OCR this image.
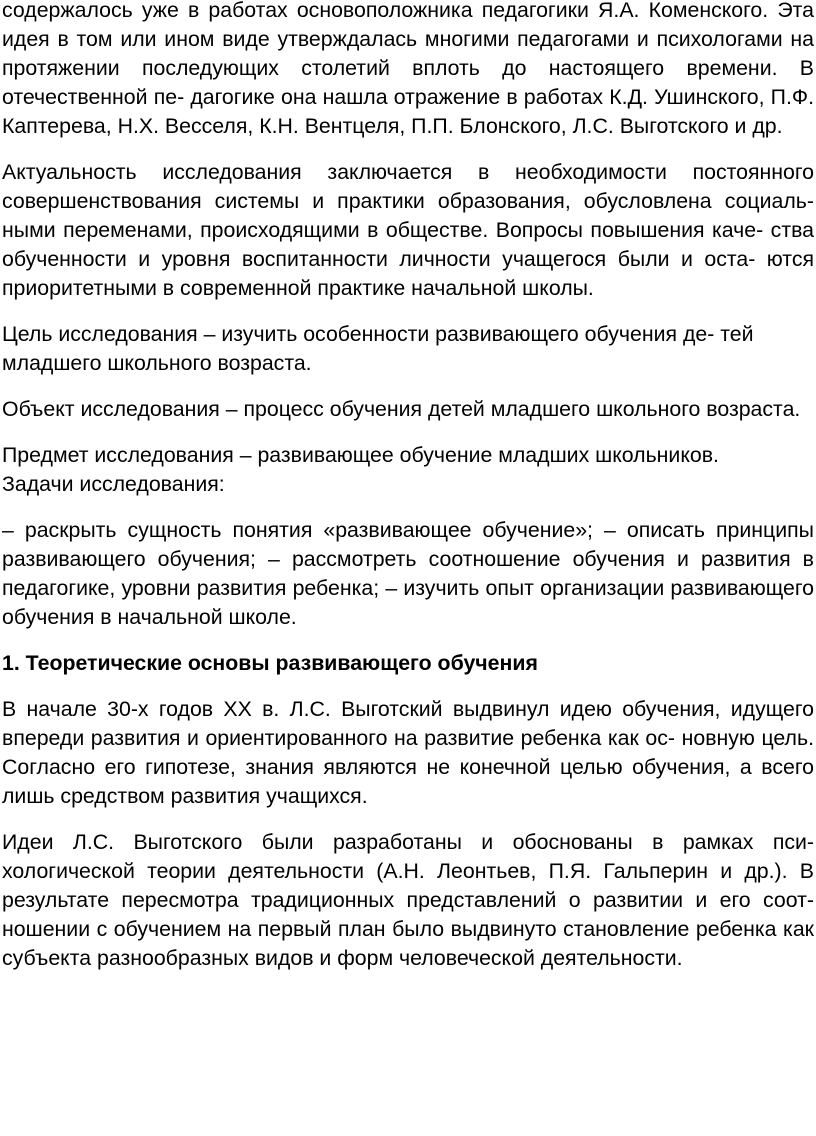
содержалось уже в работах основоположника педагогики Я.А. Коменского. Эта идея в том или ином виде утверждалась многими педагогами и психологами на протяжении последующих столетий вплоть до настоящего времени. В отечественной пе- дагогике она нашла отражение в работах К.Д. Ушинского, П.Ф. Каптерева, Н.Х. Весселя, К.Н. Вентцеля, П.П. Блонского, Л.С. Выготского и др.

Актуальность исследования заключается в необходимости постоянного совершенствования системы и практики образования, обусловлена социаль- ными переменами, происходящими в обществе. Вопросы повышения каче- ства обученности и уровня воспитанности личности учащегося были и оста- ются приоритетными в современной практике начальной школы.

Цель исследования – изучить особенности развивающего обучения де- тей младшего школьного возраста.

Объект исследования – процесс обучения детей младшего школьного возраста.

Предмет исследования – развивающее обучение младших школьников.
Задачи исследования:

– раскрыть сущность понятия «развивающее обучение»; – описать принципы развивающего обучения; – рассмотреть соотношение обучения и развития в педагогике, уровни развития ребенка; – изучить опыт организации развивающего обучения в начальной школе.

1. Теоретические основы развивающего обучения

В начале 30-х годов XX в. Л.С. Выготский выдвинул идею обучения, идущего впереди развития и ориентированного на развитие ребенка как ос- новную цель. Согласно его гипотезе, знания являются не конечной целью обучения, а всего лишь средством развития учащихся.

Идеи Л.С. Выготского были разработаны и обоснованы в рамках пси- хологической теории деятельности (А.Н. Леонтьев, П.Я. Гальперин и др.). В результате пересмотра традиционных представлений о развитии и его соот- ношении с обучением на первый план было выдвинуто становление ребенка как субъекта разнообразных видов и форм человеческой деятельности.
